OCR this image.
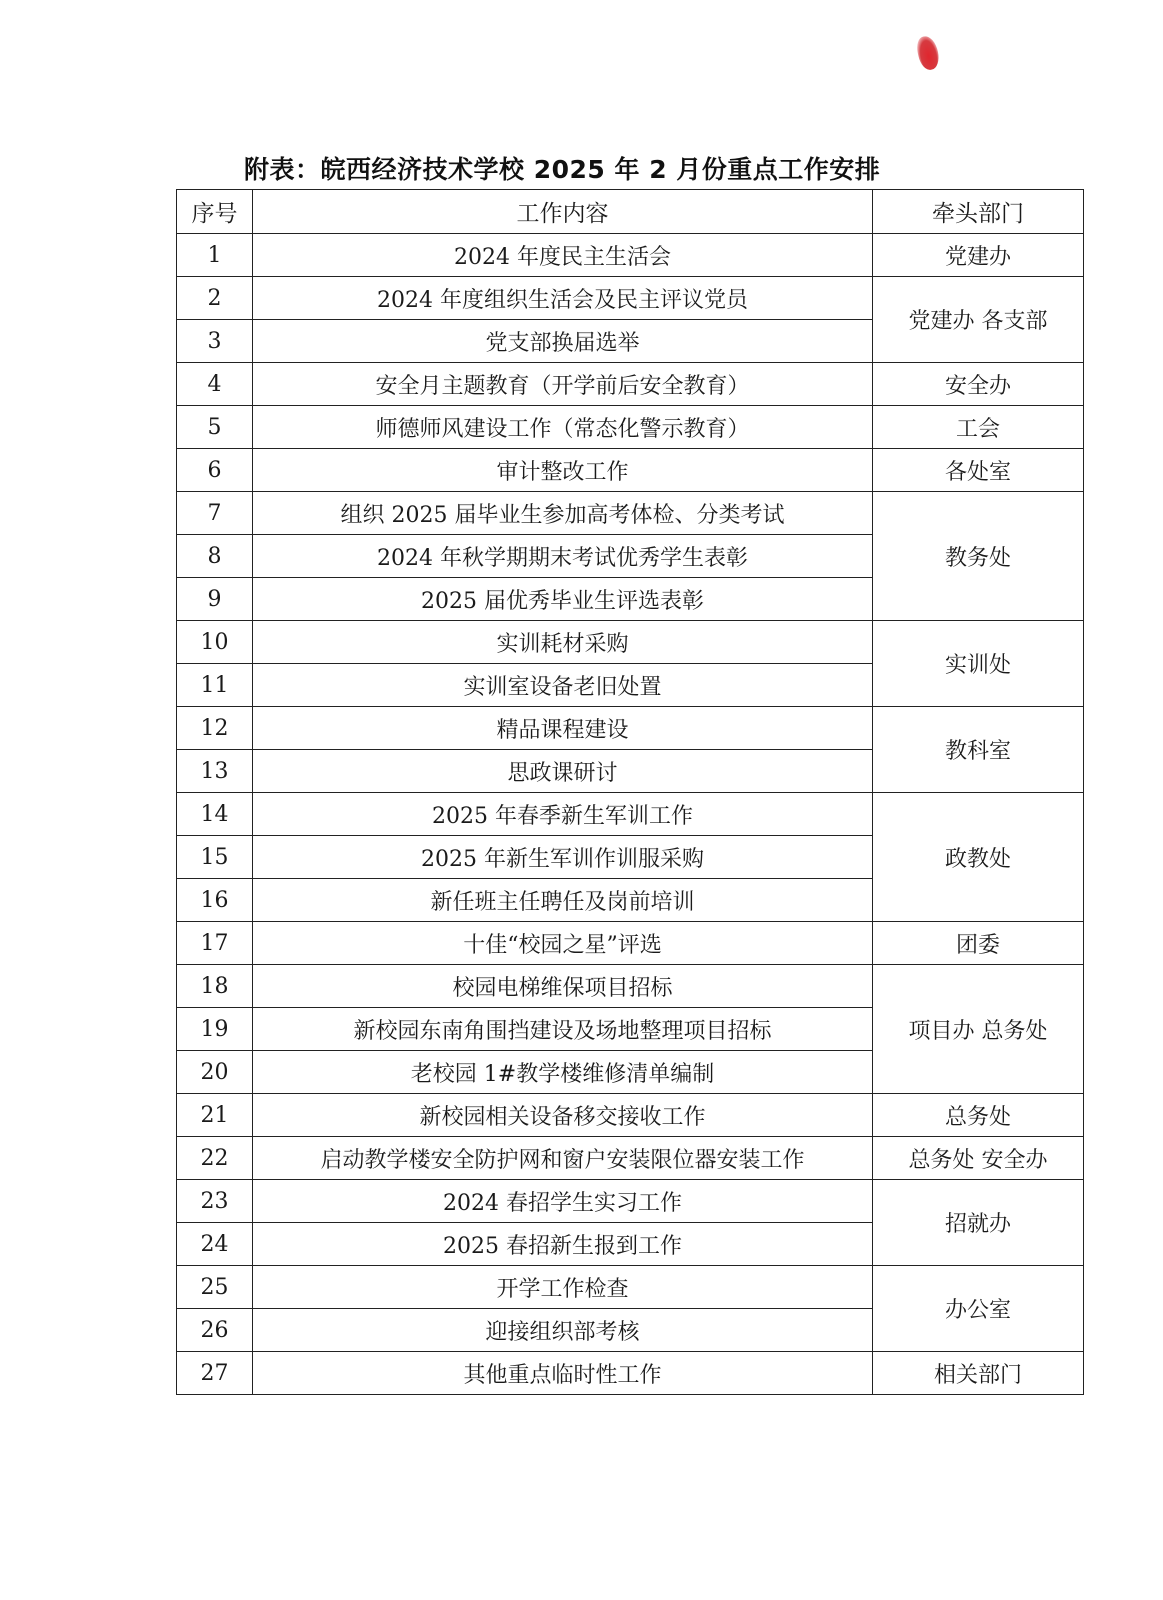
附表：皖西经济技术学校 2025 年 2 月份重点工作安排
序号	工作内容	牵头部门
1	2024 年度民主生活会	党建办
2	2024 年度组织生活会及民主评议党员	党建办 各支部
3	党支部换届选举	
4	安全月主题教育（开学前后安全教育）	安全办
5	师德师风建设工作（常态化警示教育）	工会
6	审计整改工作	各处室
7	组织 2025 届毕业生参加高考体检、分类考试	教务处
8	2024 年秋学期期末考试优秀学生表彰	
9	2025 届优秀毕业生评选表彰	
10	实训耗材采购	实训处
11	实训室设备老旧处置	
12	精品课程建设	教科室
13	思政课研讨	
14	2025 年春季新生军训工作	政教处
15	2025 年新生军训作训服采购	
16	新任班主任聘任及岗前培训	
17	十佳“校园之星”评选	团委
18	校园电梯维保项目招标	项目办 总务处
19	新校园东南角围挡建设及场地整理项目招标	
20	老校园 1#教学楼维修清单编制	
21	新校园相关设备移交接收工作	总务处
22	启动教学楼安全防护网和窗户安装限位器安装工作	总务处 安全办
23	2024 春招学生实习工作	招就办
24	2025 春招新生报到工作	
25	开学工作检查	办公室
26	迎接组织部考核	
27	其他重点临时性工作	相关部门
